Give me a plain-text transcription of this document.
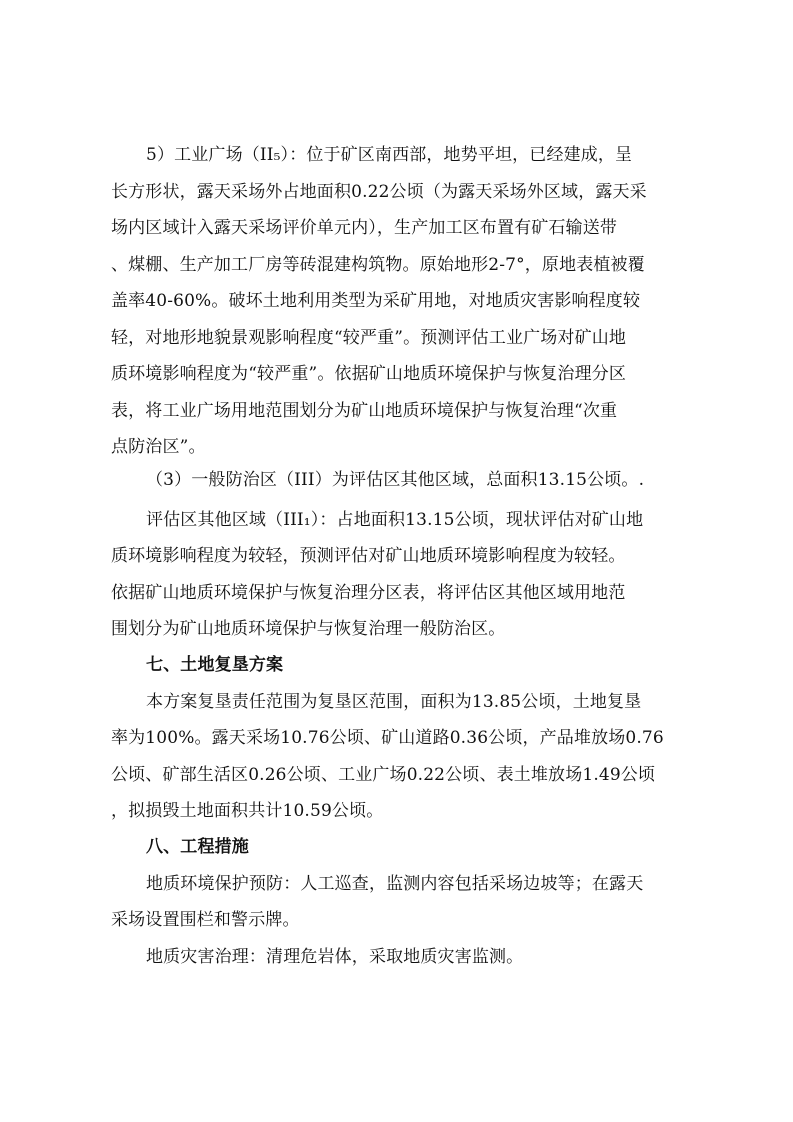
5）工业广场（II₅）：位于矿区南西部，地势平坦，已经建成，呈
长方形状，露天采场外占地面积0.22公顷（为露天采场外区域，露天采
场内区域计入露天采场评价单元内），生产加工区布置有矿石输送带
、煤棚、生产加工厂房等砖混建构筑物。原始地形2-7°，原地表植被覆
盖率40-60%。破坏土地利用类型为采矿用地，对地质灾害影响程度较
轻，对地形地貌景观影响程度“较严重”。预测评估工业广场对矿山地
质环境影响程度为“较严重”。依据矿山地质环境保护与恢复治理分区
表，将工业广场用地范围划分为矿山地质环境保护与恢复治理“次重
点防治区”。
（3）一般防治区（III）为评估区其他区域，总面积13.15公顷。.
评估区其他区域（III₁）：占地面积13.15公顷，现状评估对矿山地
质环境影响程度为较轻，预测评估对矿山地质环境影响程度为较轻。
依据矿山地质环境保护与恢复治理分区表，将评估区其他区域用地范
围划分为矿山地质环境保护与恢复治理一般防治区。
七、土地复垦方案
本方案复垦责任范围为复垦区范围，面积为13.85公顷，土地复垦
率为100%。露天采场10.76公顷、矿山道路0.36公顷，产品堆放场0.76
公顷、矿部生活区0.26公顷、工业广场0.22公顷、表土堆放场1.49公顷
，拟损毁土地面积共计10.59公顷。
八、工程措施
地质环境保护预防：人工巡查，监测内容包括采场边坡等；在露天
采场设置围栏和警示牌。
地质灾害治理：清理危岩体，采取地质灾害监测。
